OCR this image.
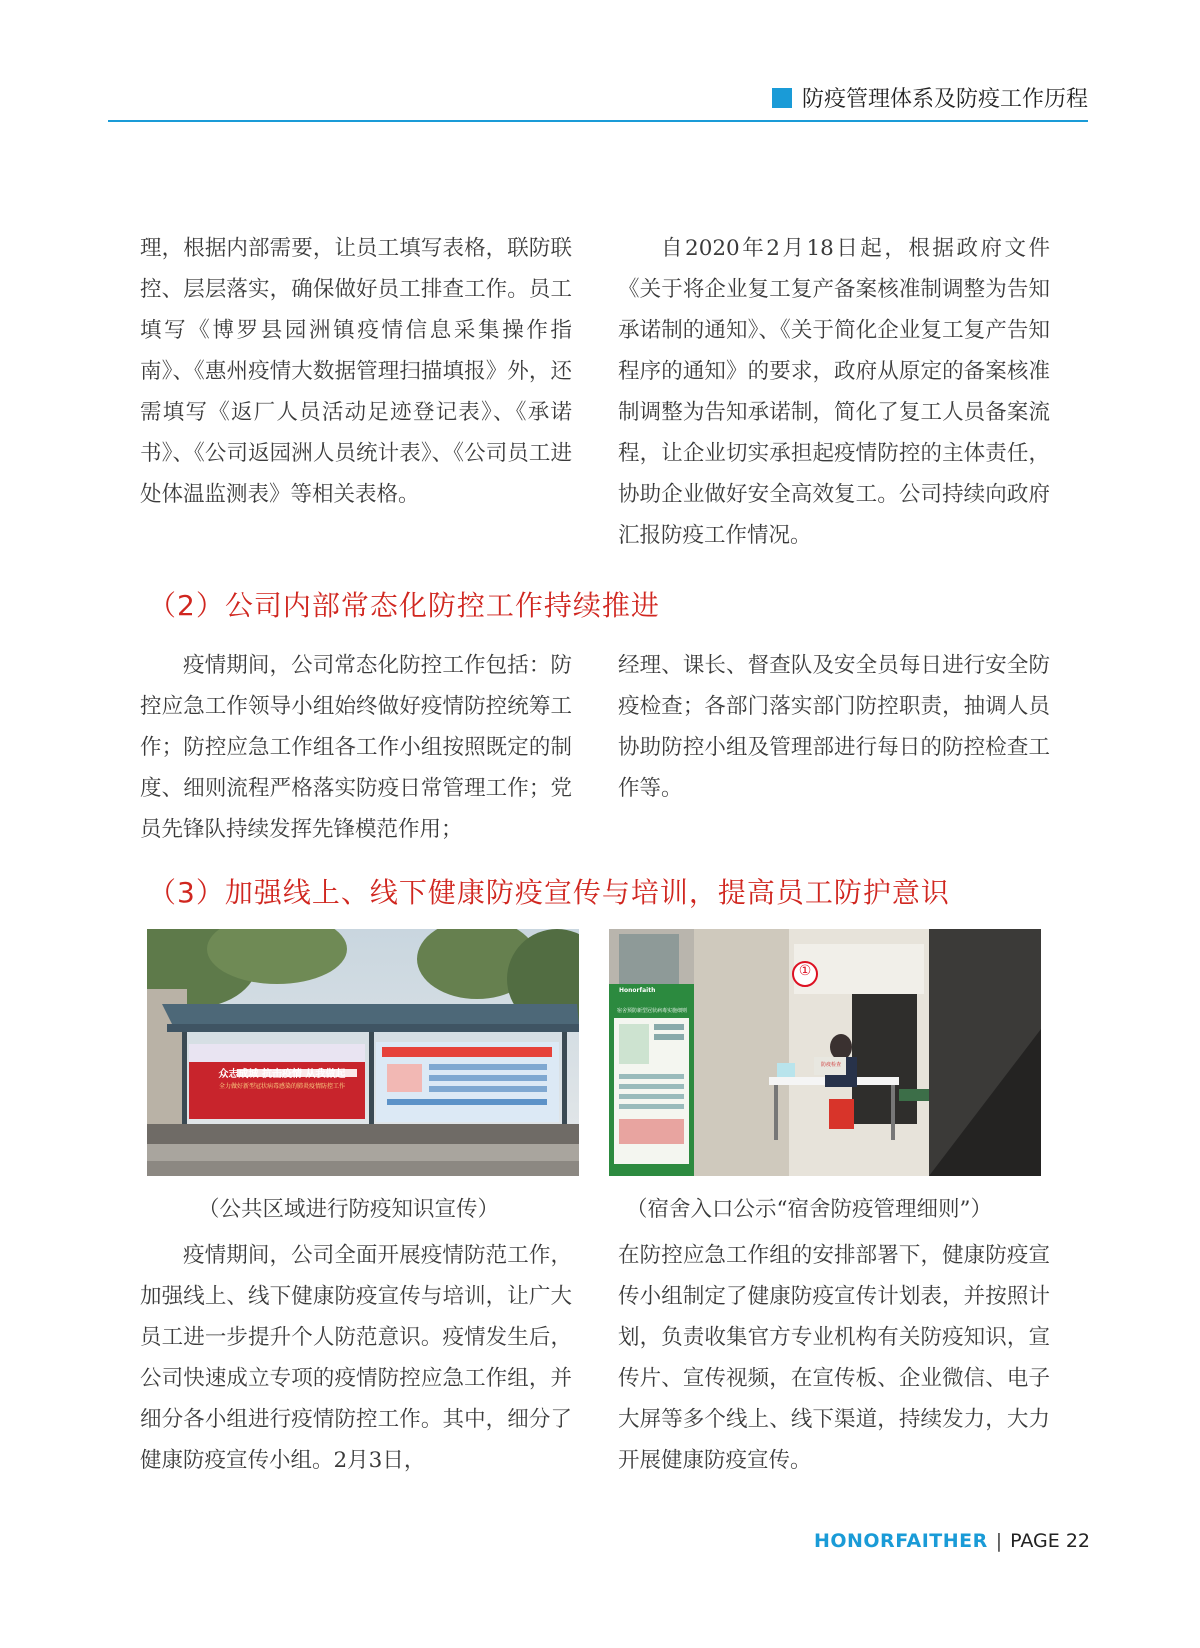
防疫管理体系及防疫工作历程

理，根据内部需要，让员工填写表格，联防联控、层层落实，确保做好员工排查工作。员工填写《博罗县园洲镇疫情信息采集操作指南》、《惠州疫情大数据管理扫描填报》外，还需填写《返厂人员活动足迹登记表》、《承诺书》、《公司返园洲人员统计表》、《公司员工进处体温监测表》等相关表格。

自2020年2月18日起，根据政府文件《关于将企业复工复产备案核准制调整为告知承诺制的通知》、《关于简化企业复工复产告知程序的通知》的要求，政府从原定的备案核准制调整为告知承诺制，简化了复工人员备案流程，让企业切实承担起疫情防控的主体责任，协助企业做好安全高效复工。公司持续向政府汇报防疫工作情况。

（2）公司内部常态化防控工作持续推进

疫情期间，公司常态化防控工作包括：防控应急工作领导小组始终做好疫情防控统筹工作；防控应急工作组各工作小组按照既定的制度、细则流程严格落实防疫日常管理工作；党员先锋队持续发挥先锋模范作用；

经理、课长、督查队及安全员每日进行安全防疫检查；各部门落实部门防控职责，抽调人员协助防控小组及管理部进行每日的防控检查工作等。

（3）加强线上、线下健康防疫宣传与培训，提高员工防护意识
众志成城 抗击疫情 从我做起
全力做好新型冠状病毒感染的肺炎疫情防控工作
①
Honorfaith
宿舍预防新型冠状病毒实施细则
防疫检查
（公共区域进行防疫知识宣传）	（宿舍入口公示“宿舍防疫管理细则”）

疫情期间，公司全面开展疫情防范工作，加强线上、线下健康防疫宣传与培训，让广大员工进一步提升个人防范意识。疫情发生后，公司快速成立专项的疫情防控应急工作组，并细分各小组进行疫情防控工作。其中，细分了健康防疫宣传小组。2月3日，

在防控应急工作组的安排部署下，健康防疫宣传小组制定了健康防疫宣传计划表，并按照计划，负责收集官方专业机构有关防疫知识，宣传片、宣传视频，在宣传板、企业微信、电子大屏等多个线上、线下渠道，持续发力，大力开展健康防疫宣传。

HONORFAITHER | PAGE 22
